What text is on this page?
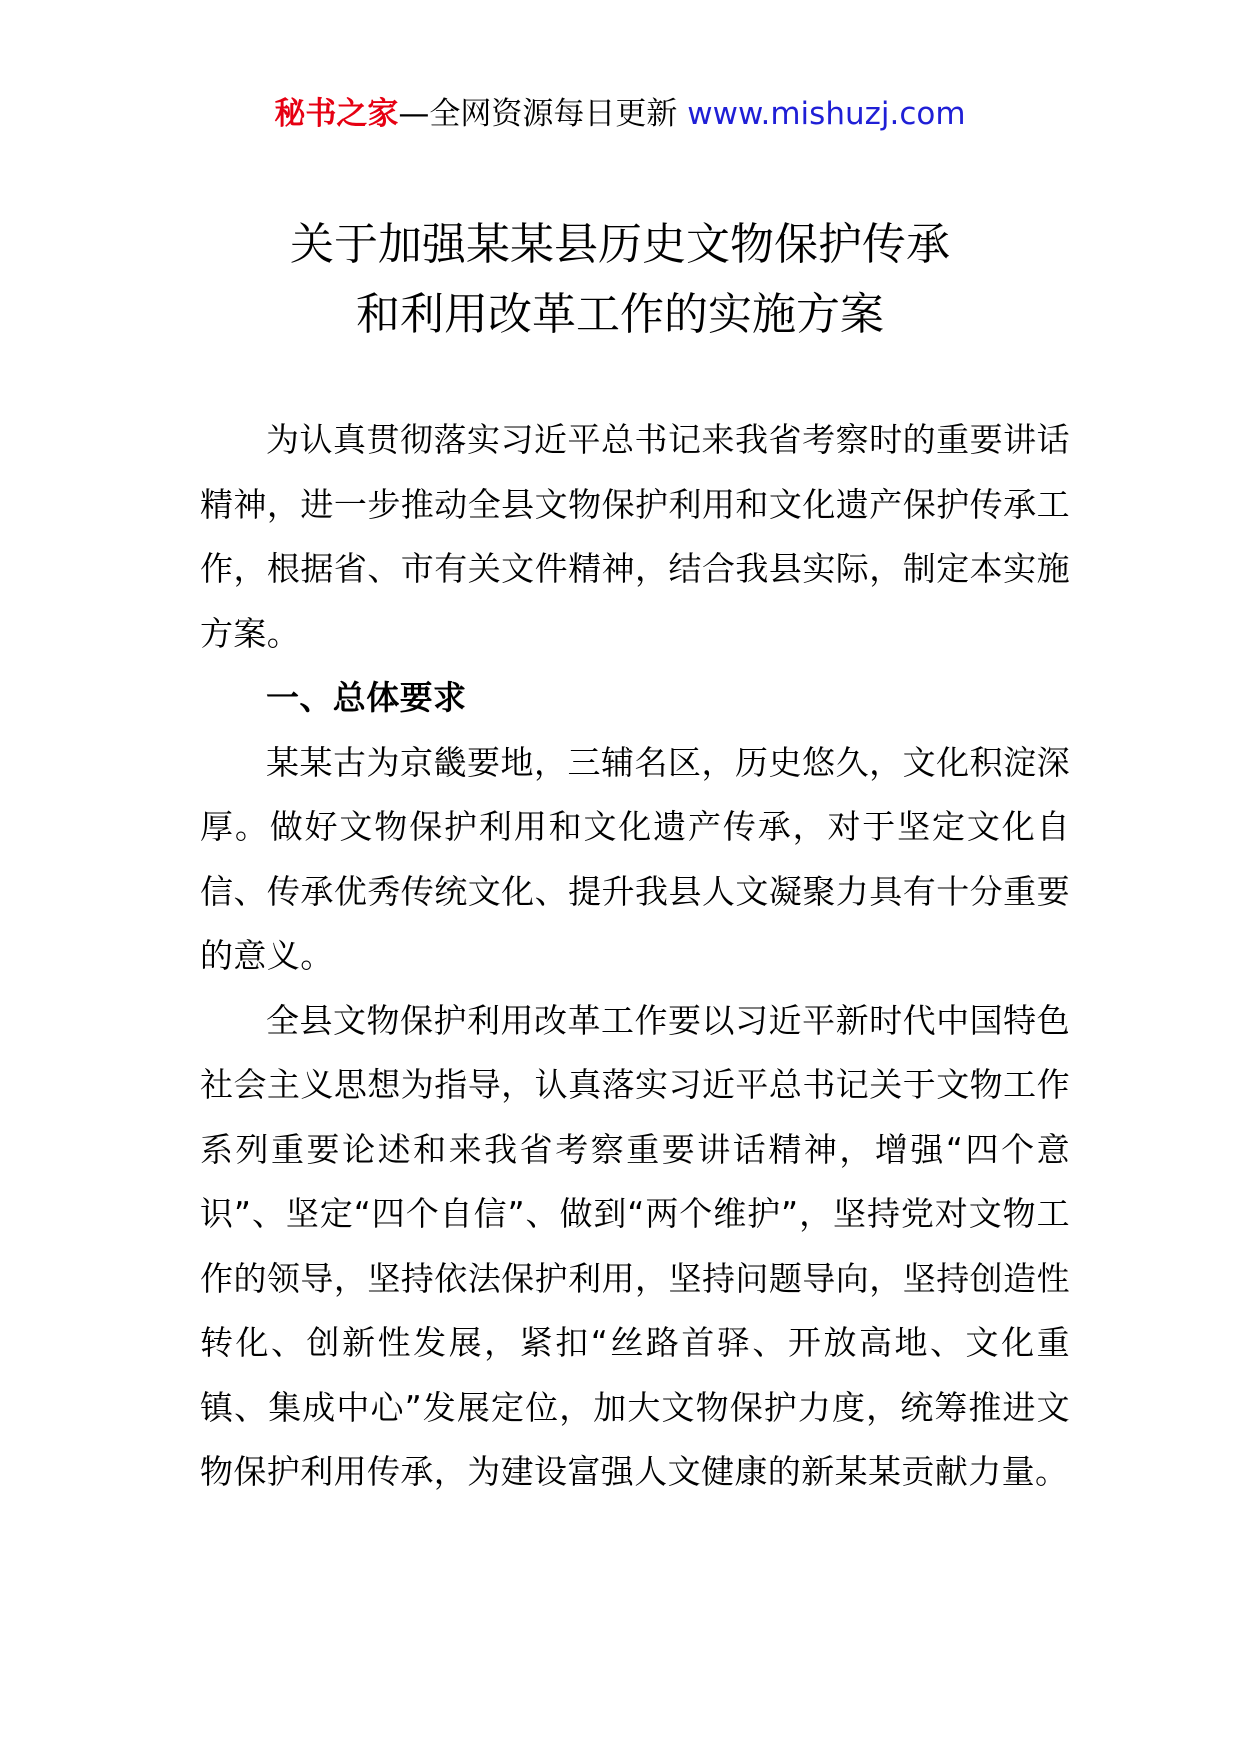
秘书之家—全网资源每日更新 www.mishuzj.com
关于加强某某县历史文物保护传承
和利用改革工作的实施方案

为认真贯彻落实习近平总书记来我省考察时的重要讲话精神，进一步推动全县文物保护利用和文化遗产保护传承工作，根据省、市有关文件精神，结合我县实际，制定本实施方案。

一、总体要求

某某古为京畿要地，三辅名区，历史悠久，文化积淀深厚。做好文物保护利用和文化遗产传承，对于坚定文化自信、传承优秀传统文化、提升我县人文凝聚力具有十分重要的意义。

全县文物保护利用改革工作要以习近平新时代中国特色社会主义思想为指导，认真落实习近平总书记关于文物工作系列重要论述和来我省考察重要讲话精神，增强“四个意识”、坚定“四个自信”、做到“两个维护”，坚持党对文物工作的领导，坚持依法保护利用，坚持问题导向，坚持创造性转化、创新性发展，紧扣“丝路首驿、开放高地、文化重镇、集成中心”发展定位，加大文物保护力度，统筹推进文物保护利用传承，为建设富强人文健康的新某某贡献力量。
